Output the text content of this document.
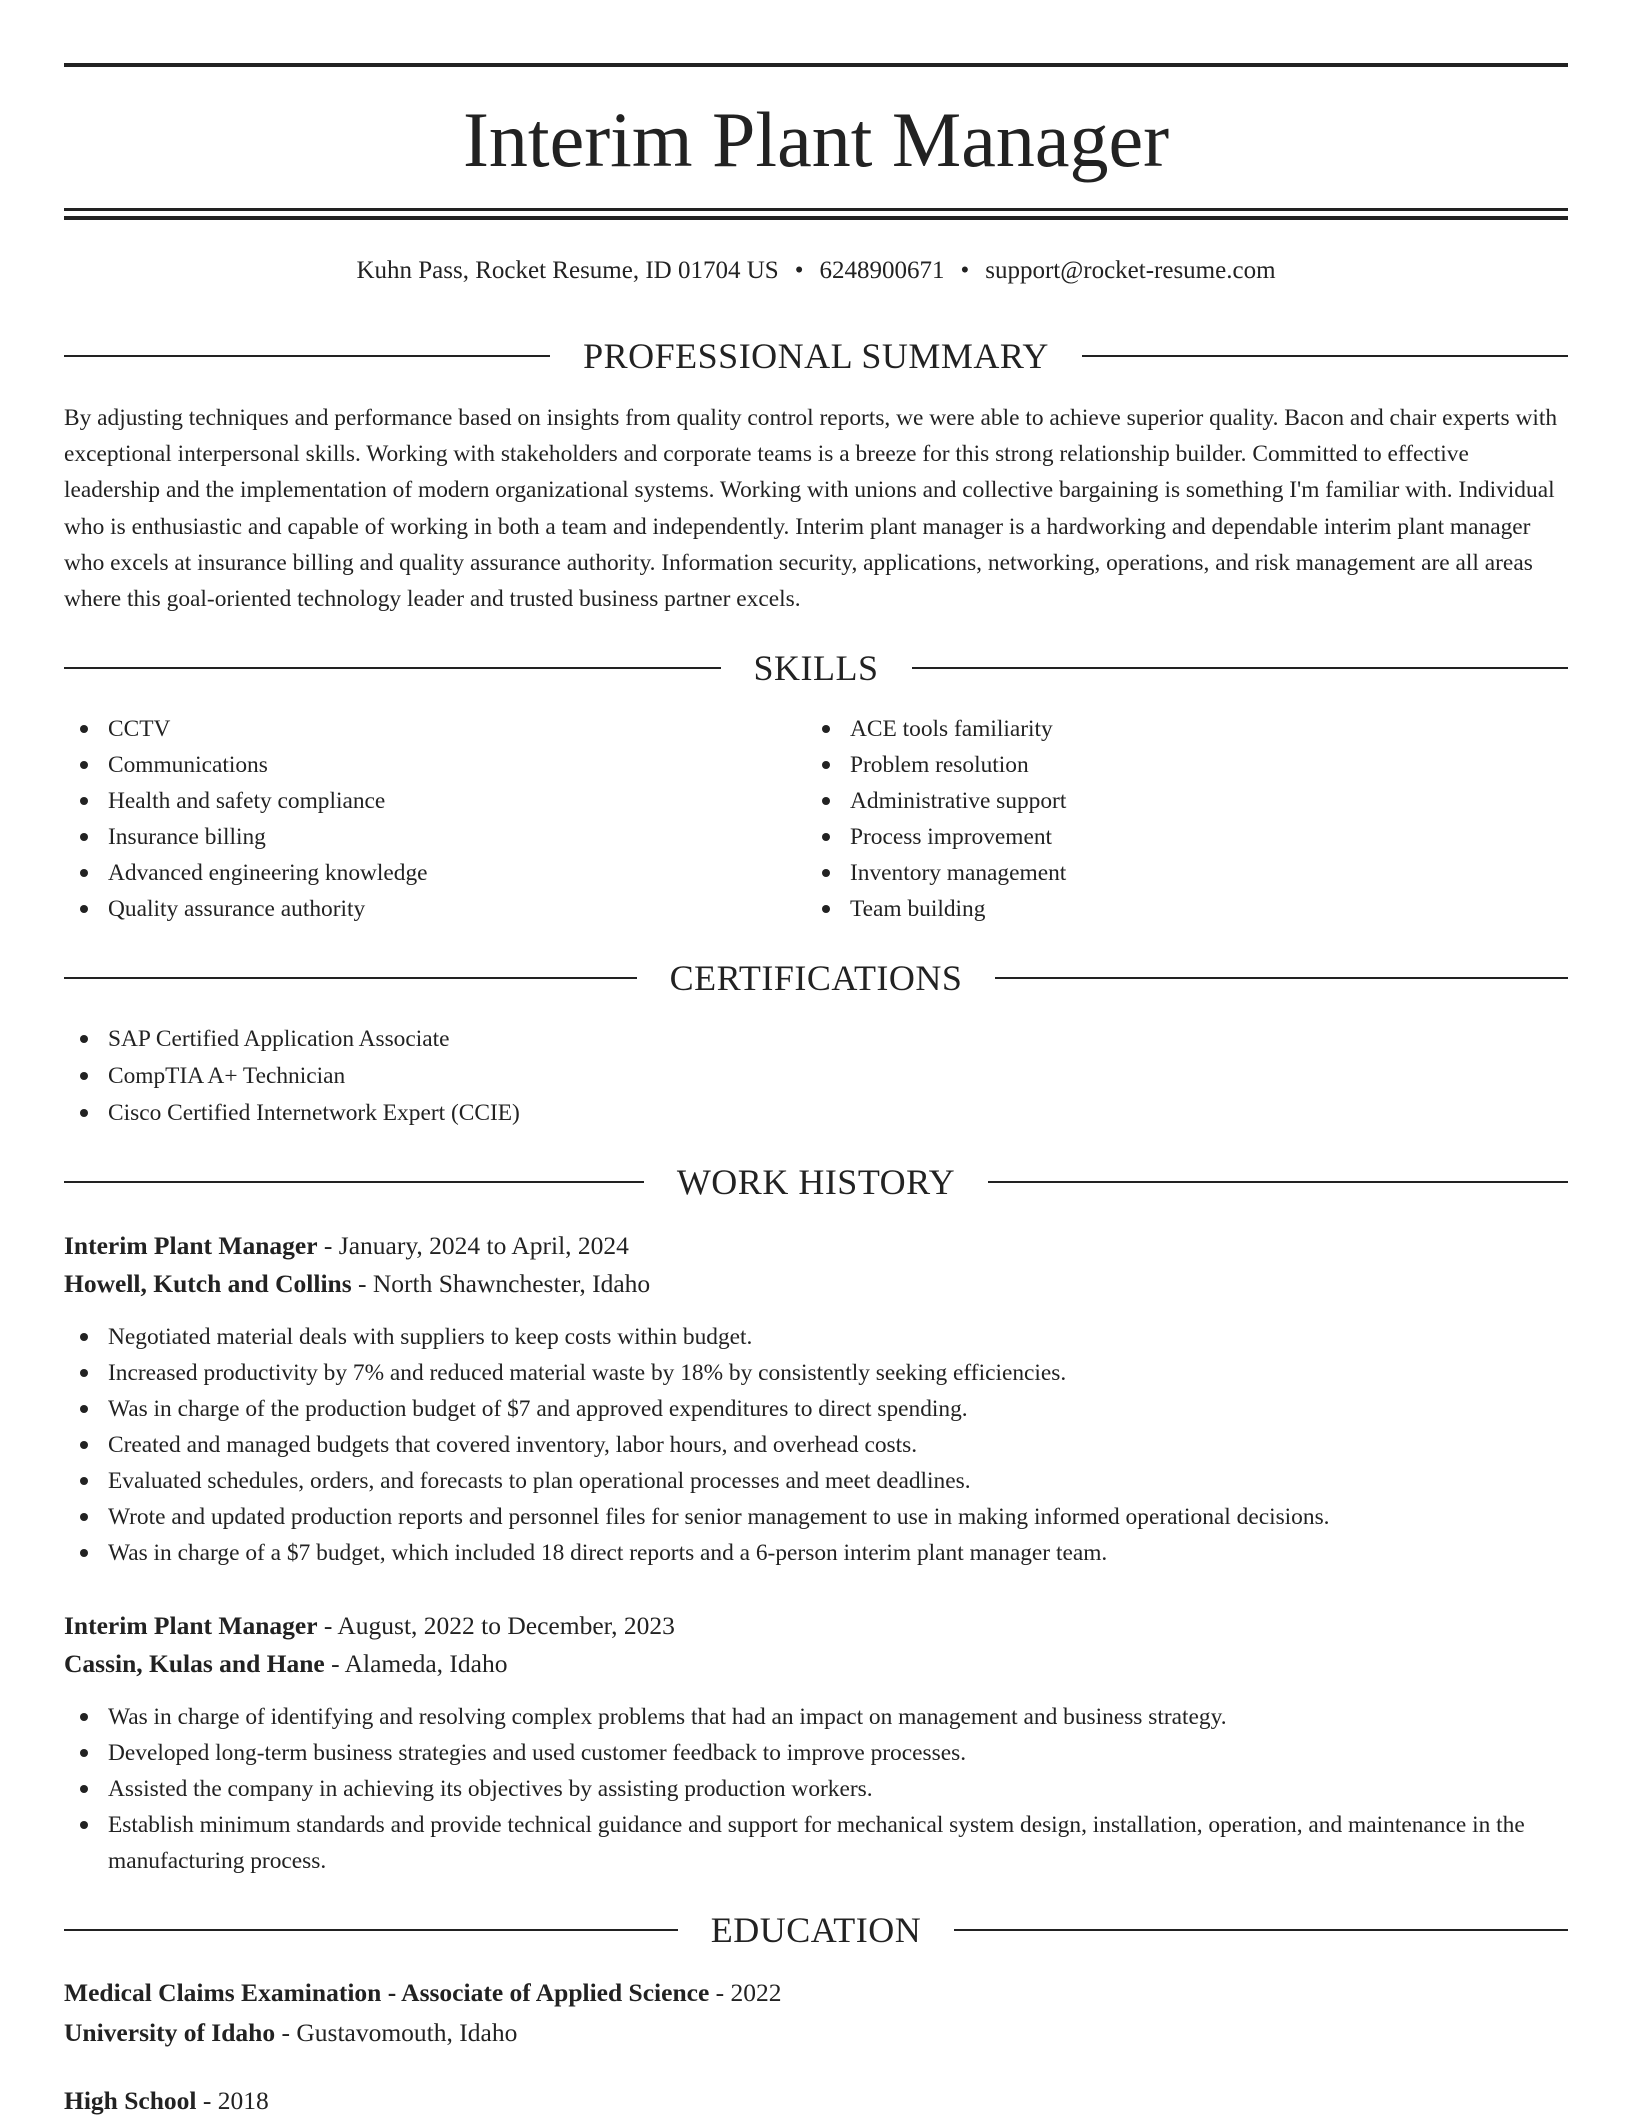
Interim Plant Manager
Kuhn Pass, Rocket Resume, ID 01704 US • 6248900671 • support@rocket-resume.com
PROFESSIONAL SUMMARY

By adjusting techniques and performance based on insights from quality control reports, we were able to achieve superior quality. Bacon and chair experts with exceptional interpersonal skills. Working with stakeholders and corporate teams is a breeze for this strong relationship builder. Committed to effective leadership and the implementation of modern organizational systems. Working with unions and collective bargaining is something I'm familiar with. Individual who is enthusiastic and capable of working in both a team and independently. Interim plant manager is a hardworking and dependable interim plant manager who excels at insurance billing and quality assurance authority. Information security, applications, networking, operations, and risk management are all areas where this goal-oriented technology leader and trusted business partner excels.

SKILLS
CCTV
Communications
Health and safety compliance
Insurance billing
Advanced engineering knowledge
Quality assurance authority
ACE tools familiarity
Problem resolution
Administrative support
Process improvement
Inventory management
Team building
CERTIFICATIONS
SAP Certified Application Associate
CompTIA A+ Technician
Cisco Certified Internetwork Expert (CCIE)
WORK HISTORY
Interim Plant Manager - January, 2024 to April, 2024
Howell, Kutch and Collins - North Shawnchester, Idaho
Negotiated material deals with suppliers to keep costs within budget.
Increased productivity by 7% and reduced material waste by 18% by consistently seeking efficiencies.
Was in charge of the production budget of $7 and approved expenditures to direct spending.
Created and managed budgets that covered inventory, labor hours, and overhead costs.
Evaluated schedules, orders, and forecasts to plan operational processes and meet deadlines.
Wrote and updated production reports and personnel files for senior management to use in making informed operational decisions.
Was in charge of a $7 budget, which included 18 direct reports and a 6-person interim plant manager team.
Interim Plant Manager - August, 2022 to December, 2023
Cassin, Kulas and Hane - Alameda, Idaho
Was in charge of identifying and resolving complex problems that had an impact on management and business strategy.
Developed long-term business strategies and used customer feedback to improve processes.
Assisted the company in achieving its objectives by assisting production workers.
Establish minimum standards and provide technical guidance and support for mechanical system design, installation, operation, and maintenance in the manufacturing process.
EDUCATION
Medical Claims Examination - Associate of Applied Science - 2022
University of Idaho - Gustavomouth, Idaho
High School - 2018
